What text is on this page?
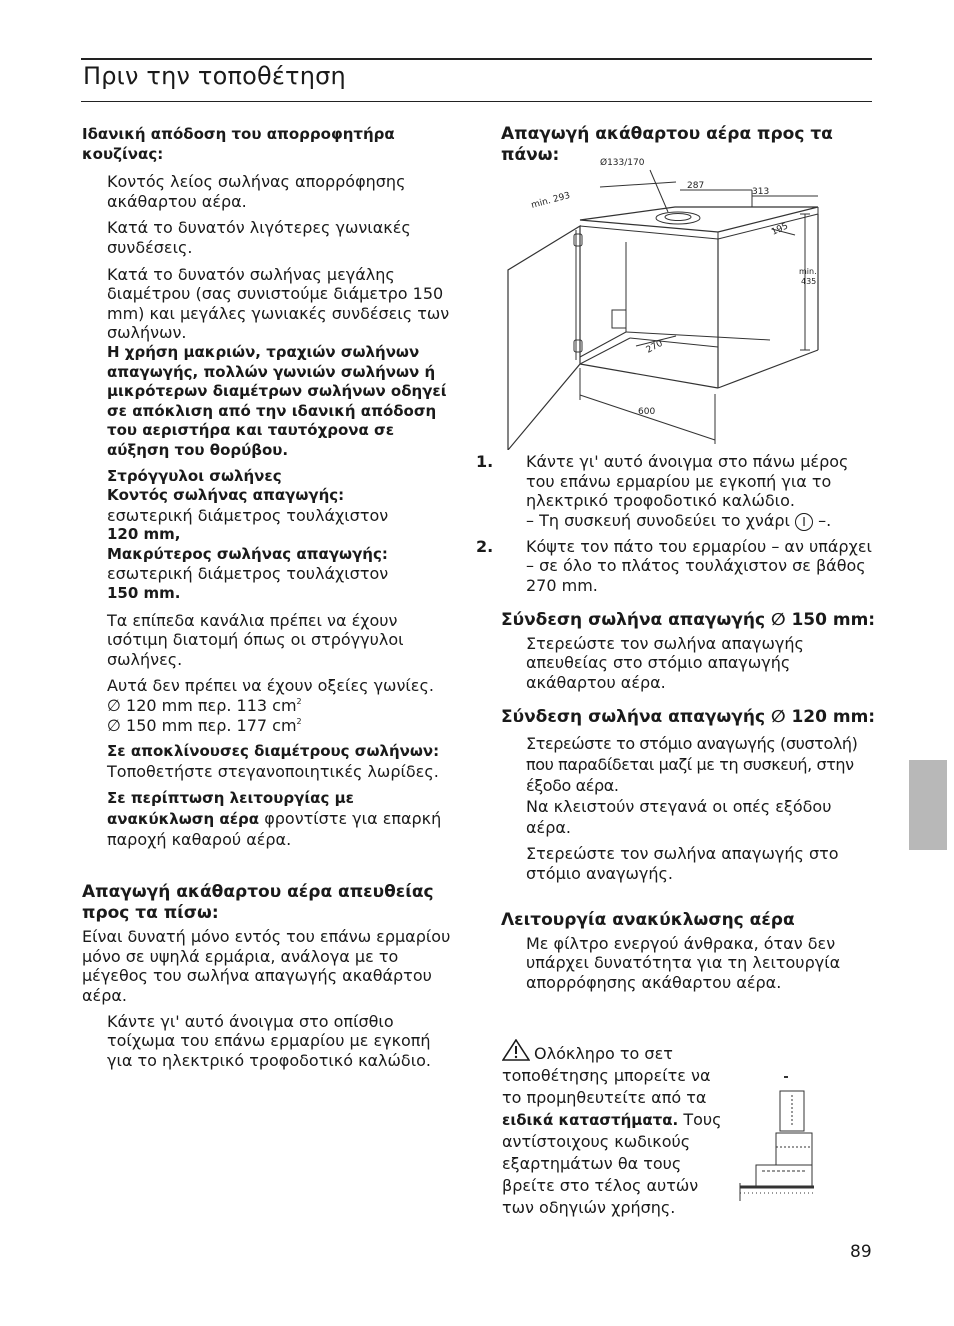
Πριν την τοποθέτηση
Ιδανική απόδοση του απορροφητήρα κουζίνας:
Κοντός λείος σωλήνας απορρόφησης ακάθαρτου αέρα.
Κατά το δυνατόν λιγότερες γωνιακές συνδέσεις.
Κατά το δυνατόν σωλήνας μεγάλης διαμέτρου (σας συνιστούμε διάμετρο 150 mm) και μεγάλες γωνιακές συνδέσεις των σωλήνων.
Η χρήση μακριών, τραχιών σωλήνων απαγωγής, πολλών γωνιών σωλήνων ή μικρότερων διαμέτρων σωλήνων οδηγεί σε απόκλιση από την ιδανική απόδοση του αεριστήρα και ταυτόχρονα σε αύξηση του θορύβου.
Στρόγγυλοι σωλήνες
Κοντός σωλήνας απαγωγής:
εσωτερική διάμετρος τουλάχιστον
120 mm,
Μακρύτερος σωλήνας απαγωγής:
εσωτερική διάμετρος τουλάχιστον
150 mm.
Τα επίπεδα κανάλια πρέπει να έχουν ισότιμη διατομή όπως οι στρόγγυλοι σωλήνες.
Αυτά δεν πρέπει να έχουν οξείες γωνίες.
∅ 120 mm περ. 113 $cm^2$
∅ 150 mm περ. 177 $cm^2$
Σε αποκλίνουσες διαμέτρους σωλήνων:
Τοποθετήστε στεγανοποιητικές λωρίδες.
Σε περίπτωση λειτουργίας με ανακύκλωση αέρα φροντίστε για επαρκή παροχή καθαρού αέρα.
Απαγωγή ακάθαρτου αέρα απευθείας προς τα πίσω:
Είναι δυνατή μόνο εντός του επάνω ερμαρίου μόνο σε υψηλά ερμάρια, ανάλογα με το μέγεθος του σωλήνα απαγωγής ακαθάρτου αέρα.
Κάντε γι' αυτό άνοιγμα στο οπίσθιο τοίχωμα του επάνω ερμαρίου με εγκοπή για το ηλεκτρικό τροφοδοτικό καλώδιο.
Απαγωγή ακάθαρτου αέρα προς τα πάνω:	Ø133/170
287
313
min. 293
195
min.
435
270
600
1. Κάντε γι' αυτό άνοιγμα στο πάνω μέρος του επάνω ερμαρίου με εγκοπή για το ηλεκτρικό τροφοδοτικό καλώδιο.
– Τη συσκευή συνοδεύει το χνάρι I –.
2. Κόψτε τον πάτο του ερμαρίου – αν υπάρχει – σε όλο το πλάτος τουλάχιστον σε βάθος 270 mm.
Σύνδεση σωλήνα απαγωγής ∅ 150 mm:
Στερεώστε τον σωλήνα απαγωγής απευθείας στο στόμιο απαγωγής ακάθαρτου αέρα.
Σύνδεση σωλήνα απαγωγής ∅ 120 mm:
Στερεώστε το στόμιο αναγωγής (συστολή) που παραδίδεται μαζί με τη συσκευή, στην έξοδο αέρα.
Να κλειστούν στεγανά οι οπές εξόδου αέρα.
Στερεώστε τον σωλήνα απαγωγής στο στόμιο αναγωγής.
Λειτουργία ανακύκλωσης αέρα
Με φίλτρο ενεργού άνθρακα, όταν δεν υπάρχει δυνατότητα για τη λειτουργία απορρόφησης ακάθαρτου αέρα.
Ολόκληρο το σετ τοποθέτησης μπορείτε να το προμηθευτείτε από τα ειδικά καταστήματα. Τους αντίστοιχους κωδικούς εξαρτημάτων θα τους βρείτε στο τέλος αυτών των οδηγιών χρήσης.
89
